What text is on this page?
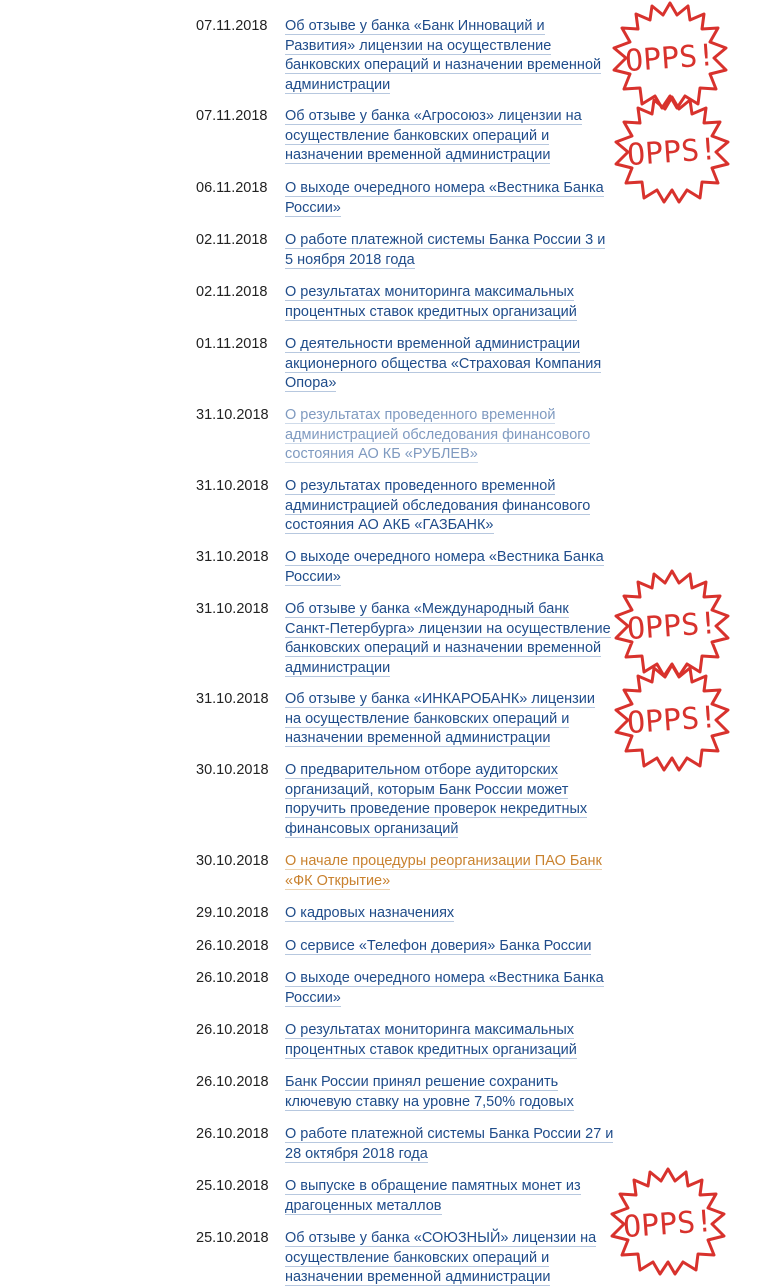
07.11.2018 Об отзыве у банка «Банк Инноваций и Развития» лицензии на осуществление банковских операций и назначении временной администрации
07.11.2018 Об отзыве у банка «Агросоюз» лицензии на осуществление банковских операций и назначении временной администрации
06.11.2018 О выходе очередного номера «Вестника Банка России»
02.11.2018 О работе платежной системы Банка России 3 и 5 ноября 2018 года
02.11.2018 О результатах мониторинга максимальных процентных ставок кредитных организаций
01.11.2018 О деятельности временной администрации акционерного общества «Страховая Компания Опора»
31.10.2018 О результатах проведенного временной администрацией обследования финансового состояния АО КБ «РУБЛЕВ»
31.10.2018 О результатах проведенного временной администрацией обследования финансового состояния АО АКБ «ГАЗБАНК»
31.10.2018 О выходе очередного номера «Вестника Банка России»
31.10.2018 Об отзыве у банка «Международный банк Санкт-Петербурга» лицензии на осуществление банковских операций и назначении временной администрации
31.10.2018 Об отзыве у банка «ИНКАРОБАНК» лицензии на осуществление банковских операций и назначении временной администрации
30.10.2018 О предварительном отборе аудиторских организаций, которым Банк России может поручить проведение проверок некредитных финансовых организаций
30.10.2018 О начале процедуры реорганизации ПАО Банк «ФК Открытие»
29.10.2018 О кадровых назначениях
26.10.2018 О сервисе «Телефон доверия» Банка России
26.10.2018 О выходе очередного номера «Вестника Банка России»
26.10.2018 О результатах мониторинга максимальных процентных ставок кредитных организаций
26.10.2018 Банк России принял решение сохранить ключевую ставку на уровне 7,50% годовых
26.10.2018 О работе платежной системы Банка России 27 и 28 октября 2018 года
25.10.2018 О выпуске в обращение памятных монет из драгоценных металлов
25.10.2018 Об отзыве у банка «СОЮЗНЫЙ» лицензии на осуществление банковских операций и назначении временной администрации
OPPS!
OPPS!
OPPS!
OPPS!
OPPS!
